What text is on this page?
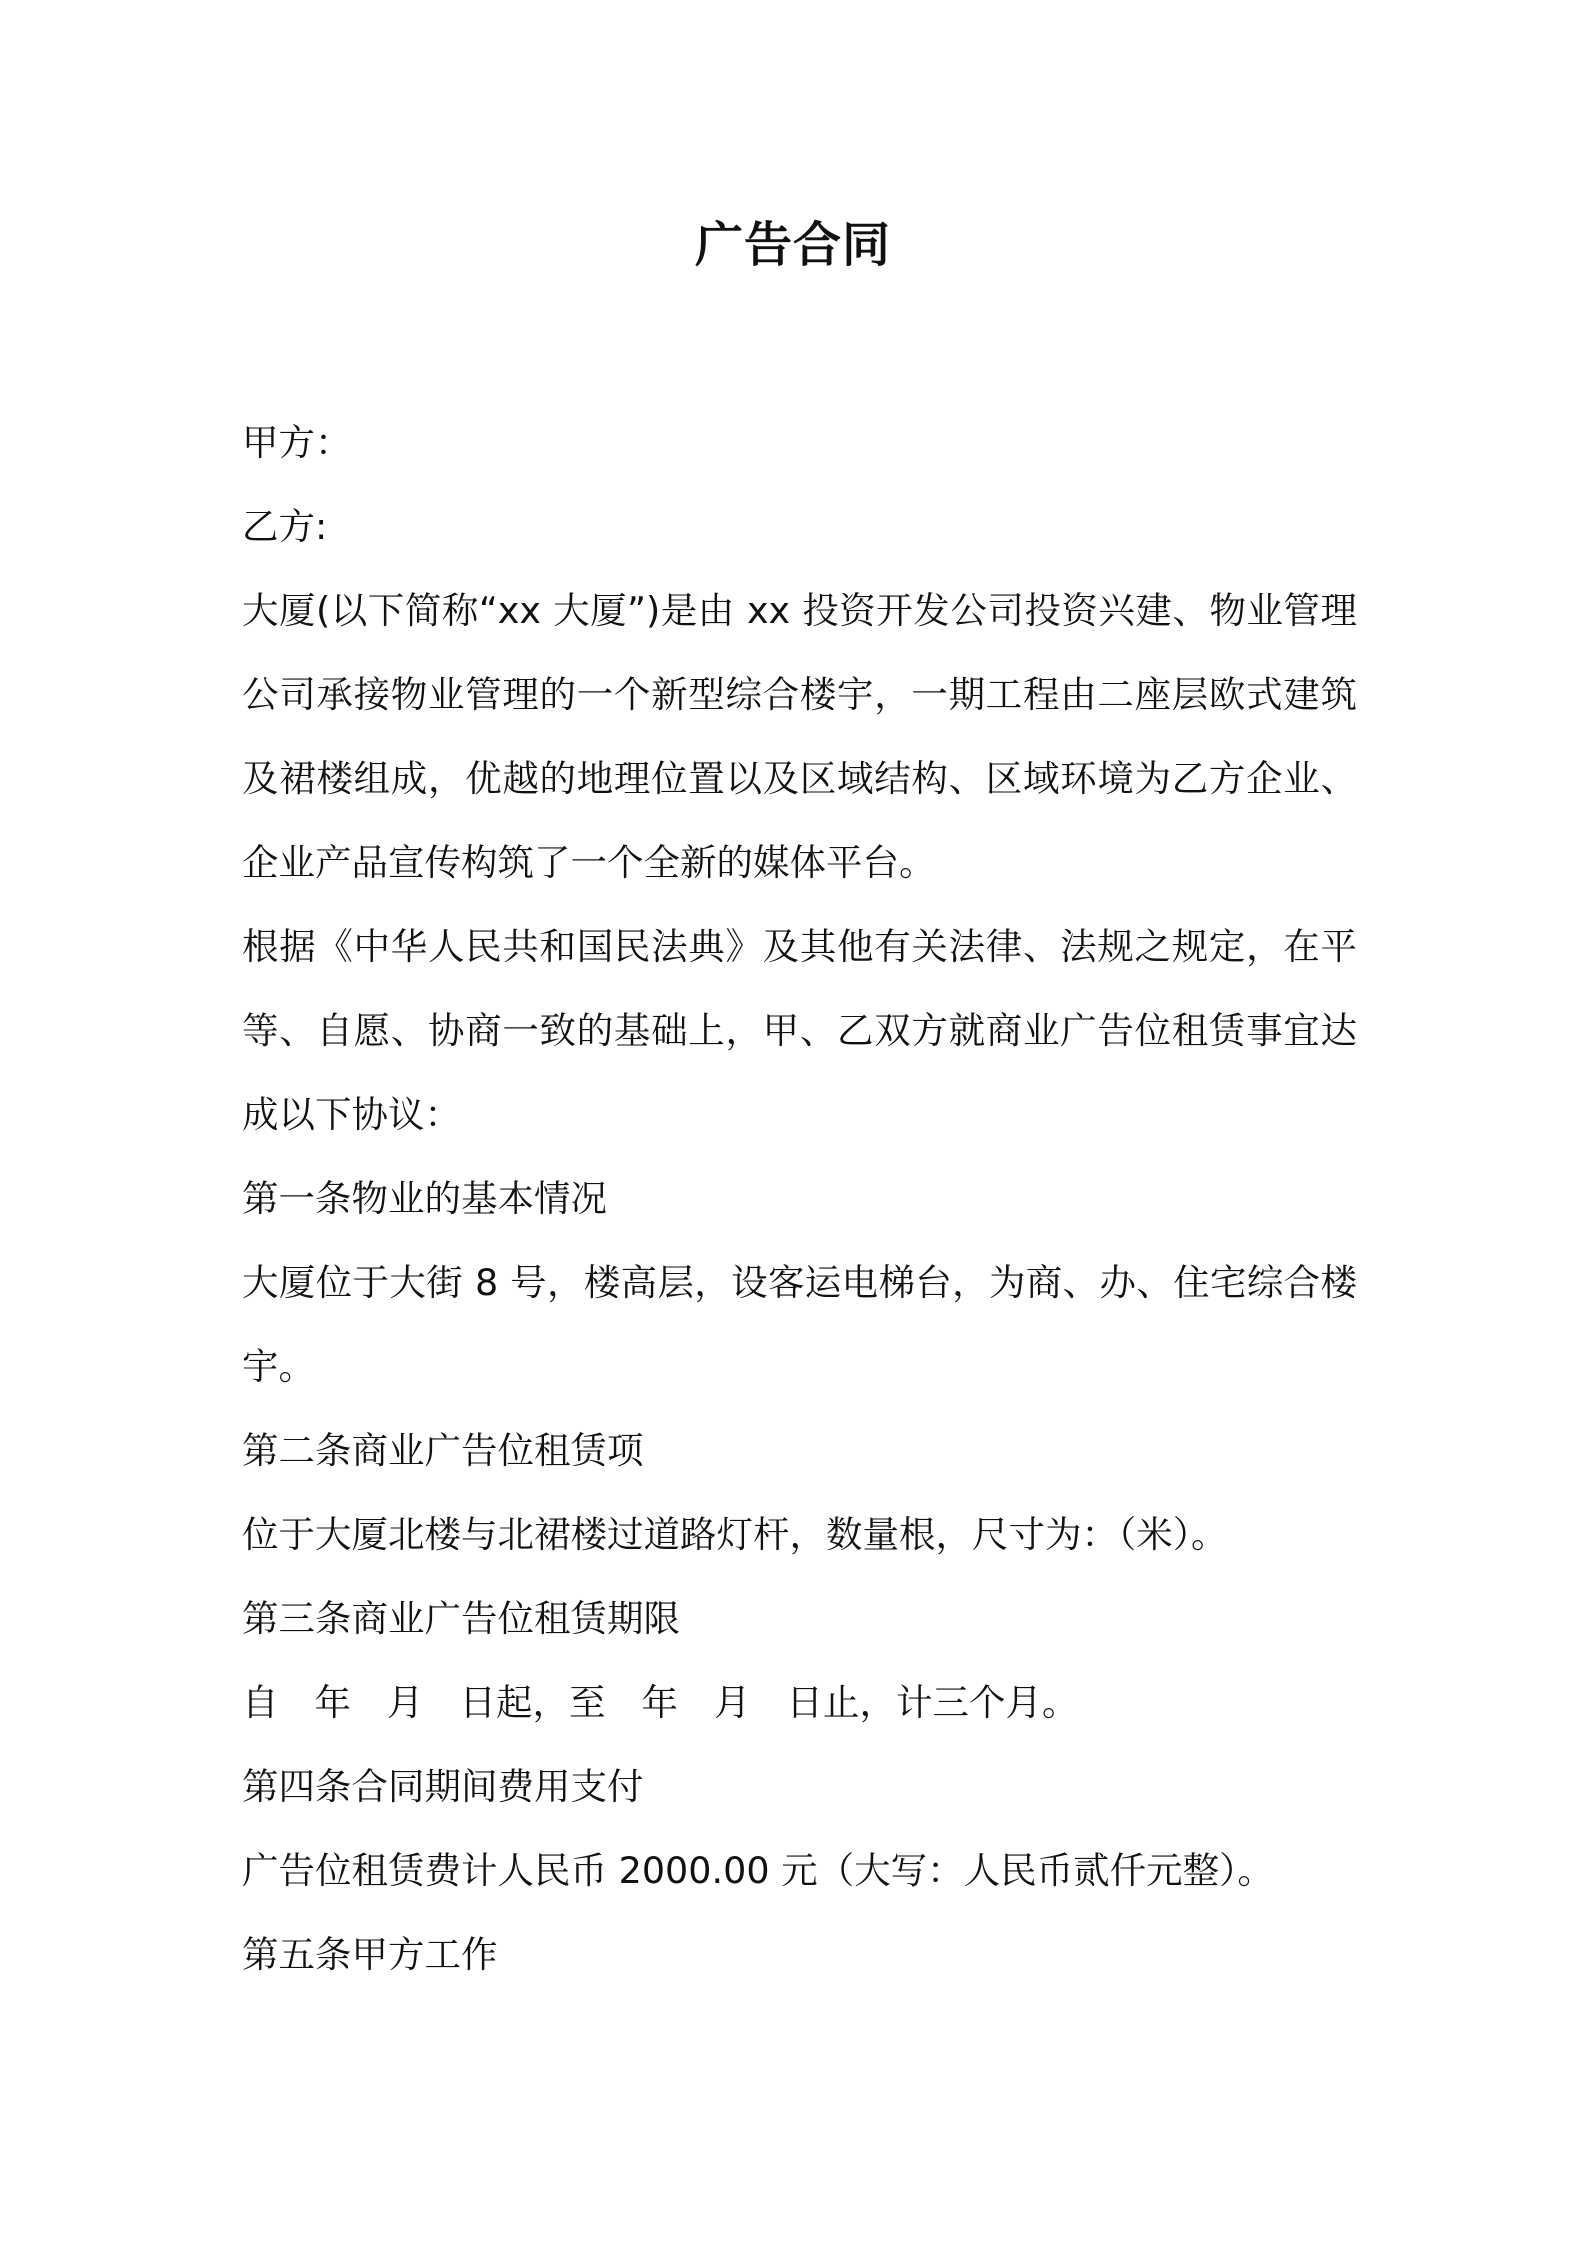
广告合同

甲方：

乙方:

大厦(以下简称“xx 大厦”)是由 xx 投资开发公司投资兴建、物业管理公司承接物业管理的一个新型综合楼宇，一期工程由二座层欧式建筑及裙楼组成，优越的地理位置以及区域结构、区域环境为乙方企业、企业产品宣传构筑了一个全新的媒体平台。

根据《中华人民共和国民法典》及其他有关法律、法规之规定，在平等、自愿、协商一致的基础上，甲、乙双方就商业广告位租赁事宜达成以下协议：

第一条物业的基本情况

大厦位于大街 8 号，楼高层，设客运电梯台，为商、办、住宅综合楼宇。

第二条商业广告位租赁项

位于大厦北楼与北裙楼过道路灯杆，数量根，尺寸为：（米）。

第三条商业广告位租赁期限

自 年 月 日起，至 年 月 日止，计三个月。

第四条合同期间费用支付

广告位租赁费计人民币 2000.00 元（大写：人民币贰仟元整）。

第五条甲方工作
